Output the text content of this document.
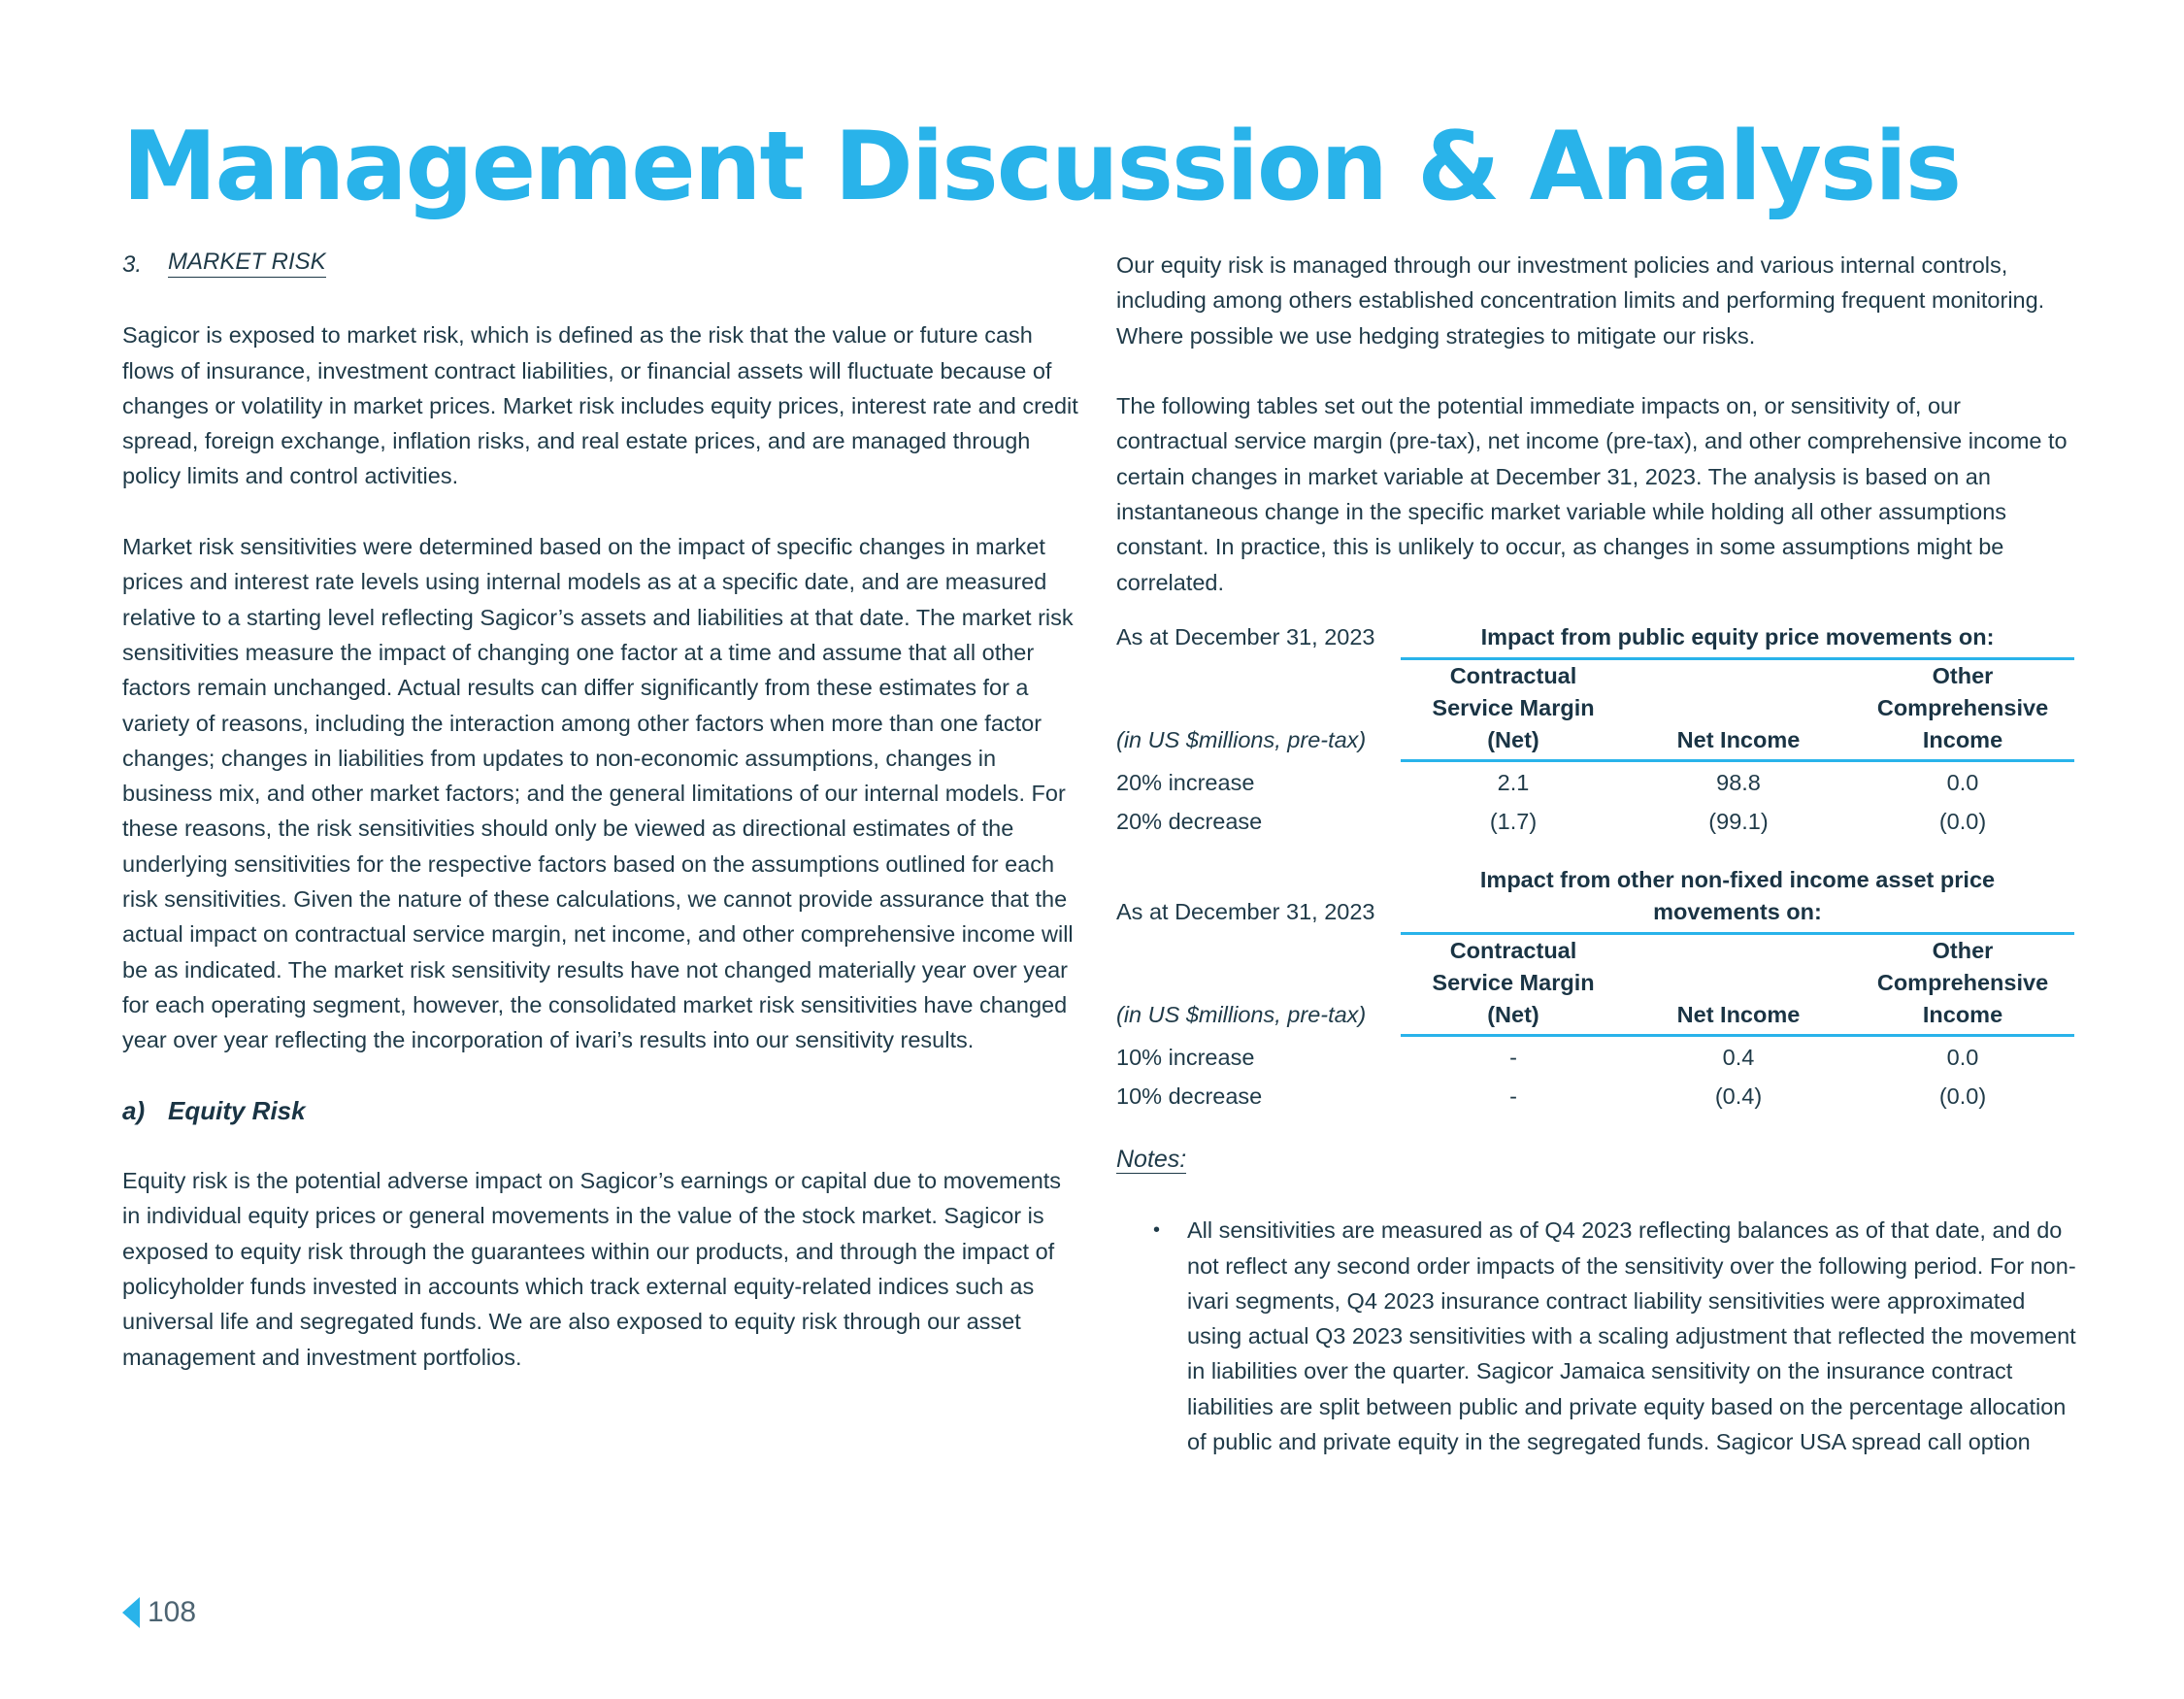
Management Discussion & Analysis
3. MARKET RISK

Sagicor is exposed to market risk, which is defined as the risk that the value or future cash flows of insurance, investment contract liabilities, or financial assets will fluctuate because of changes or volatility in market prices. Market risk includes equity prices, interest rate and credit spread, foreign exchange, inflation risks, and real estate prices, and are managed through policy limits and control activities.

Market risk sensitivities were determined based on the impact of specific changes in market prices and interest rate levels using internal models as at a specific date, and are measured relative to a starting level reflecting Sagicor’s assets and liabilities at that date. The market risk sensitivities measure the impact of changing one factor at a time and assume that all other factors remain unchanged. Actual results can differ significantly from these estimates for a variety of reasons, including the interaction among other factors when more than one factor changes; changes in liabilities from updates to non-economic assumptions, changes in business mix, and other market factors; and the general limitations of our internal models. For these reasons, the risk sensitivities should only be viewed as directional estimates of the underlying sensitivities for the respective factors based on the assumptions outlined for each risk sensitivities. Given the nature of these calculations, we cannot provide assurance that the actual impact on contractual service margin, net income, and other comprehensive income will be as indicated. The market risk sensitivity results have not changed materially year over year for each operating segment, however, the consolidated market risk sensitivities have changed year over year reflecting the incorporation of ivari’s results into our sensitivity results.

a) Equity Risk

Equity risk is the potential adverse impact on Sagicor’s earnings or capital due to movements in individual equity prices or general movements in the value of the stock market. Sagicor is exposed to equity risk through the guarantees within our products, and through the impact of policyholder funds invested in accounts which track external equity-related indices such as universal life and segregated funds. We are also exposed to equity risk through our asset management and investment portfolios.

Our equity risk is managed through our investment policies and various internal controls, including among others established concentration limits and performing frequent monitoring. Where possible we use hedging strategies to mitigate our risks.

The following tables set out the potential immediate impacts on, or sensitivity of, our contractual service margin (pre-tax), net income (pre-tax), and other comprehensive income to certain changes in market variable at December 31, 2023. The analysis is based on an instantaneous change in the specific market variable while holding all other assumptions constant. In practice, this is unlikely to occur, as changes in some assumptions might be correlated.

As at December 31, 2023	Impact from public equity price movements on:
(in US $millions, pre-tax)
Contractual
Service Margin
(Net)	Net Income
Other
Comprehensive
Income
20% increase	2.1	98.8	0.0
20% decrease	(1.7)	(99.1)	(0.0)
Impact from other non-fixed income asset price
movements on:
As at December 31, 2023
(in US $millions, pre-tax)
Contractual
Service Margin
(Net)	Net Income
Other
Comprehensive
Income
10% increase	-	0.4	0.0
10% decrease	-	(0.4)	(0.0)
Notes:
• All sensitivities are measured as of Q4 2023 reflecting balances as of that date, and do not reflect any second order impacts of the sensitivity over the following period. For non-ivari segments, Q4 2023 insurance contract liability sensitivities were approximated using actual Q3 2023 sensitivities with a scaling adjustment that reflected the movement in liabilities over the quarter. Sagicor Jamaica sensitivity on the insurance contract liabilities are split between public and private equity based on the percentage allocation of public and private equity in the segregated funds. Sagicor USA spread call option

108
